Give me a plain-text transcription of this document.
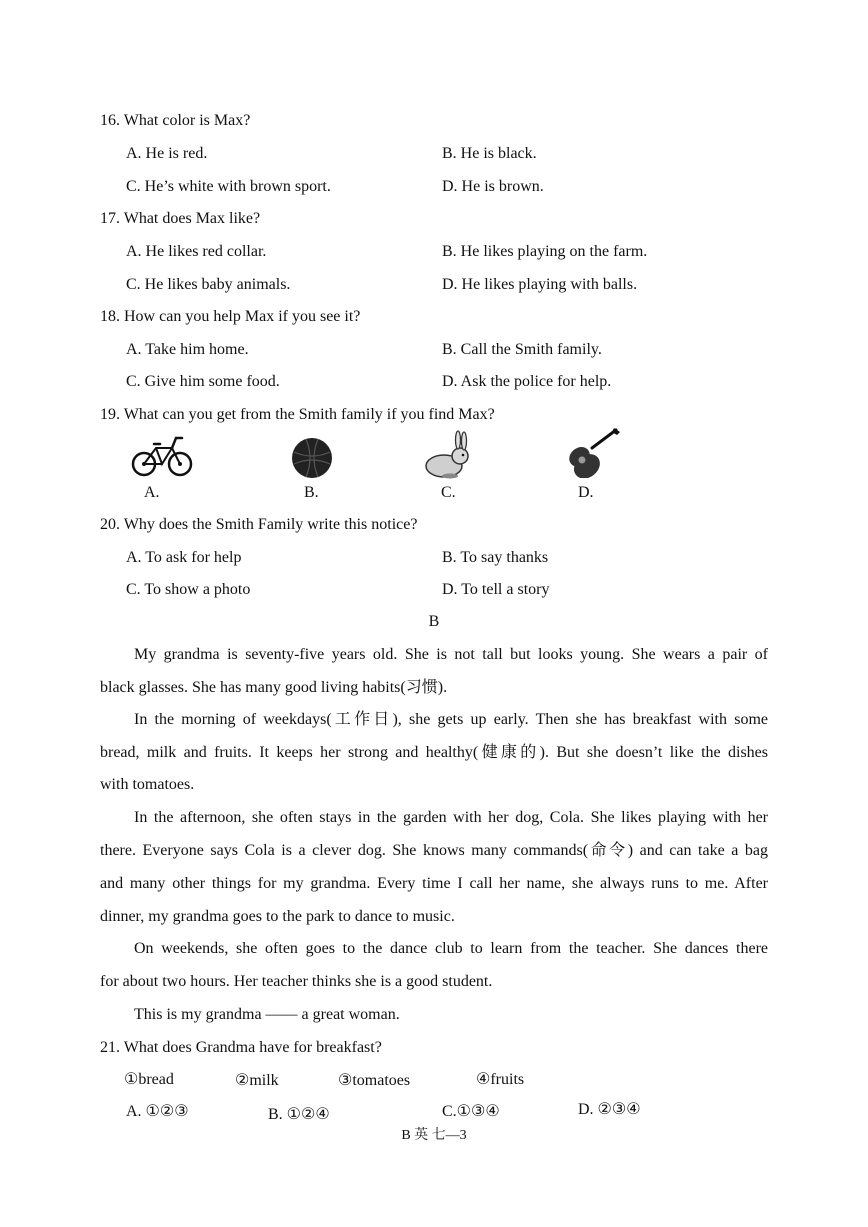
16. What color is Max?
A. He is red.	B. He is black.
C. He’s white with brown sport.	D. He is brown.
17. What does Max like?
A. He likes red collar.	B. He likes playing on the farm.
C. He likes baby animals.	D. He likes playing with balls.
18. How can you help Max if you see it?
A. Take him home.	B. Call the Smith family.
C. Give him some food.	D. Ask the police for help.
19. What can you get from the Smith family if you find Max?
A.	B.	C.	D.
20. Why does the Smith Family write this notice?
A. To ask for help	B. To say thanks
C. To show a photo	D. To tell a story
B
My grandma is seventy-five years old. She is not tall but looks young. She wears a pair of
black glasses. She has many good living habits(习惯).
In the morning of weekdays(工作日), she gets up early. Then she has breakfast with some
bread, milk and fruits. It keeps her strong and healthy(健康的). But she doesn’t like the dishes
with tomatoes.
In the afternoon, she often stays in the garden with her dog, Cola. She likes playing with her
there. Everyone says Cola is a clever dog. She knows many commands(命令) and can take a bag
and many other things for my grandma. Every time I call her name, she always runs to me. After
dinner, my grandma goes to the park to dance to music.
On weekends, she often goes to the dance club to learn from the teacher. She dances there
for about two hours. Her teacher thinks she is a good student.
This is my grandma —— a great woman.
21. What does Grandma have for breakfast?
①bread	②milk	③tomatoes	④fruits
A. ①②③	B. ①②④	C.①③④	D. ②③④
B 英 七—3
